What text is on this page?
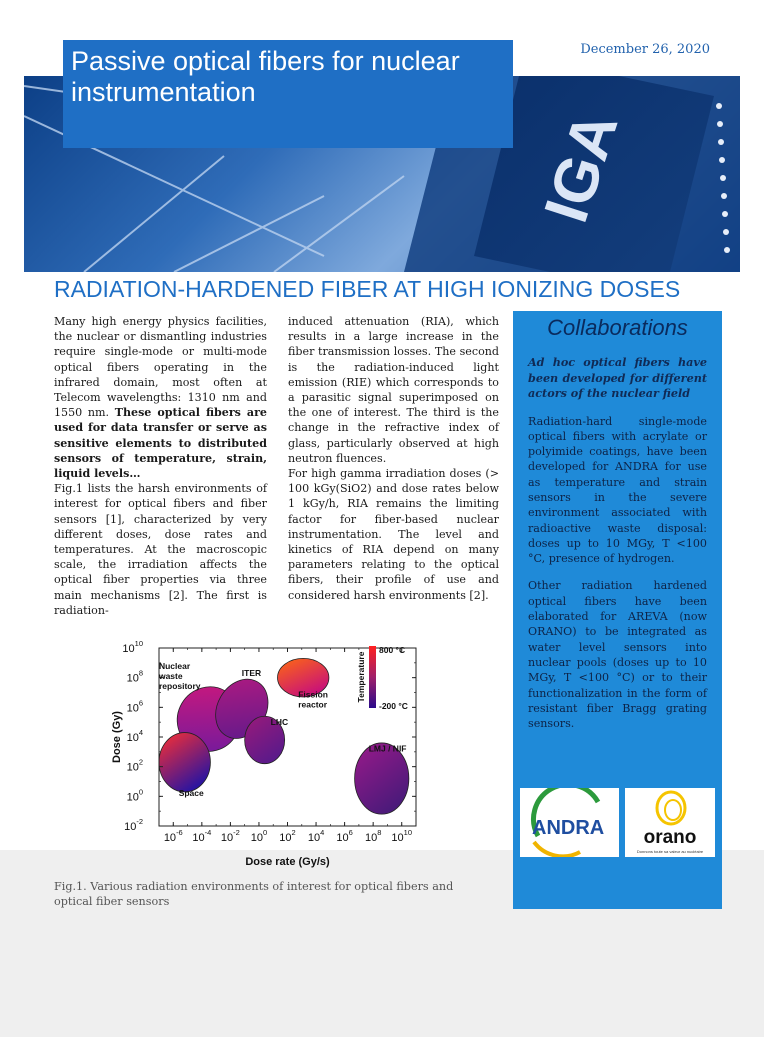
IGA
Passive optical fibers for nuclear instrumentation
December 26, 2020
RADIATION-HARDENED FIBER AT HIGH IONIZING DOSES

Many high energy physics facilities, the nuclear or dismantling industries require single-mode or multi-mode optical fibers operating in the infrared domain, most often at Telecom wavelengths: 1310 nm and 1550 nm. These optical fibers are used for data transfer or serve as sensitive elements to distributed sensors of temperature, strain, liquid levels…

Fig.1 lists the harsh environments of interest for optical fibers and fiber sensors [1], characterized by very different doses, dose rates and temperatures. At the macroscopic scale, the irradiation affects the optical fiber properties via three main mechanisms [2]. The first is radiation-

induced attenuation (RIA), which results in a large increase in the fiber transmission losses. The second is the radiation-induced light emission (RIE) which corresponds to a parasitic signal superimposed on the one of interest. The third is the change in the refractive index of glass, particularly observed at high neutron fluences.

For high gamma irradiation doses (> 100 kGy(SiO2) and dose rates below 1 kGy/h, RIA remains the limiting factor for fiber-based nuclear instrumentation. The level and kinetics of RIA depend on many parameters relating to the optical fibers, their profile of use and considered harsh environments [2].

Collaborations

Ad hoc optical fibers have been developed for different actors of the nuclear field

Radiation-hard single-mode optical fibers with acrylate or polyimide coatings, have been developed for ANDRA for use as temperature and strain sensors in the severe environment associated with radioactive waste disposal: doses up to 10 MGy, T <100 °C, presence of hydrogen.

Other radiation hardened optical fibers have been elaborated for AREVA (now ORANO) to be integrated as water level sensors into nuclear pools (doses up to 10 MGy, T <100 °C) or to their functionalization in the form of resistant fiber Bragg grating sensors.

ANDRA orano
Donnons toute sa valeur au nucléaire
$10^{-6}$ $10^{-4}$ $10^{-2}$ $10^0$ $10^2$ $10^4$ $10^6$ $10^8$ $10^{10}$
$10^{-2}$
$10^0$
$10^2$
$10^4$
$10^6$
$10^8$
$10^{10}$
Dose rate (Gy/s)
Dose (Gy)
Nuclear waste repository
ITER
LHC
Space
Fission reactor
LMJ / NIF
800 °C
-200 °C
Temperature
Fig.1. Various radiation environments of interest for optical fibers and optical fiber sensors
